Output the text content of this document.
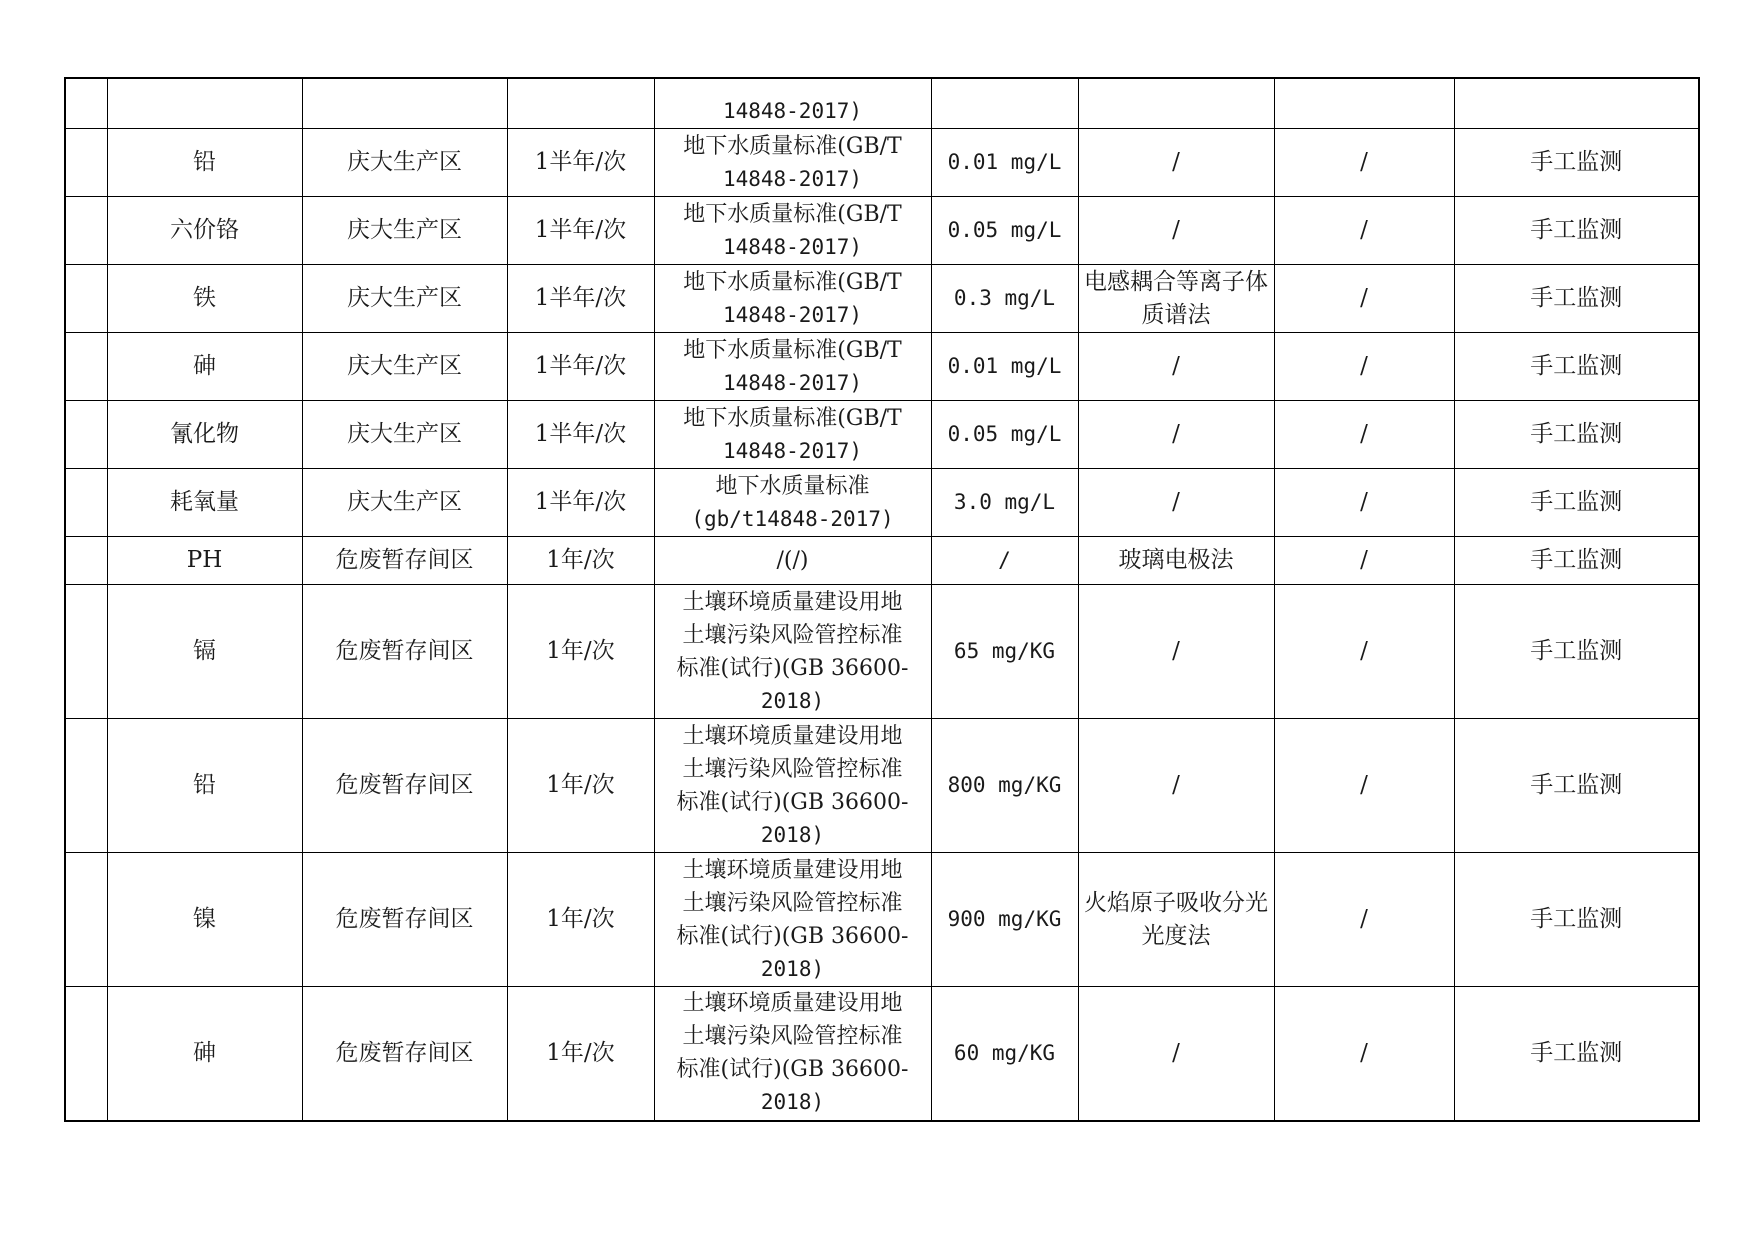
				14848-2017)				

	铅	庆大生产区	1半年/次	地下水质量标准(GB/T
14848-2017)	0.01 mg/L	/	/	手工监测
	六价铬	庆大生产区	1半年/次	地下水质量标准(GB/T
14848-2017)	0.05 mg/L	/	/	手工监测
	铁	庆大生产区	1半年/次	地下水质量标准(GB/T
14848-2017)	0.3 mg/L	电感耦合等离子体质谱法	/	手工监测
	砷	庆大生产区	1半年/次	地下水质量标准(GB/T
14848-2017)	0.01 mg/L	/	/	手工监测
	氰化物	庆大生产区	1半年/次	地下水质量标准(GB/T
14848-2017)	0.05 mg/L	/	/	手工监测
	耗氧量	庆大生产区	1半年/次	地下水质量标准
(gb/t14848-2017)	3.0 mg/L	/	/	手工监测
	PH	危废暂存间区	1年/次	/(/)	/	玻璃电极法	/	手工监测
	镉	危废暂存间区	1年/次	土壤环境质量建设用地
土壤污染风险管控标准
标准(试行)(GB 36600-
2018)	65 mg/KG	/	/	手工监测
	铅	危废暂存间区	1年/次	土壤环境质量建设用地
土壤污染风险管控标准
标准(试行)(GB 36600-
2018)	800 mg/KG	/	/	手工监测
	镍	危废暂存间区	1年/次	土壤环境质量建设用地
土壤污染风险管控标准
标准(试行)(GB 36600-
2018)	900 mg/KG	火焰原子吸收分光光度法	/	手工监测
	砷	危废暂存间区	1年/次	土壤环境质量建设用地
土壤污染风险管控标准
标准(试行)(GB 36600-
2018)	60 mg/KG	/	/	手工监测
